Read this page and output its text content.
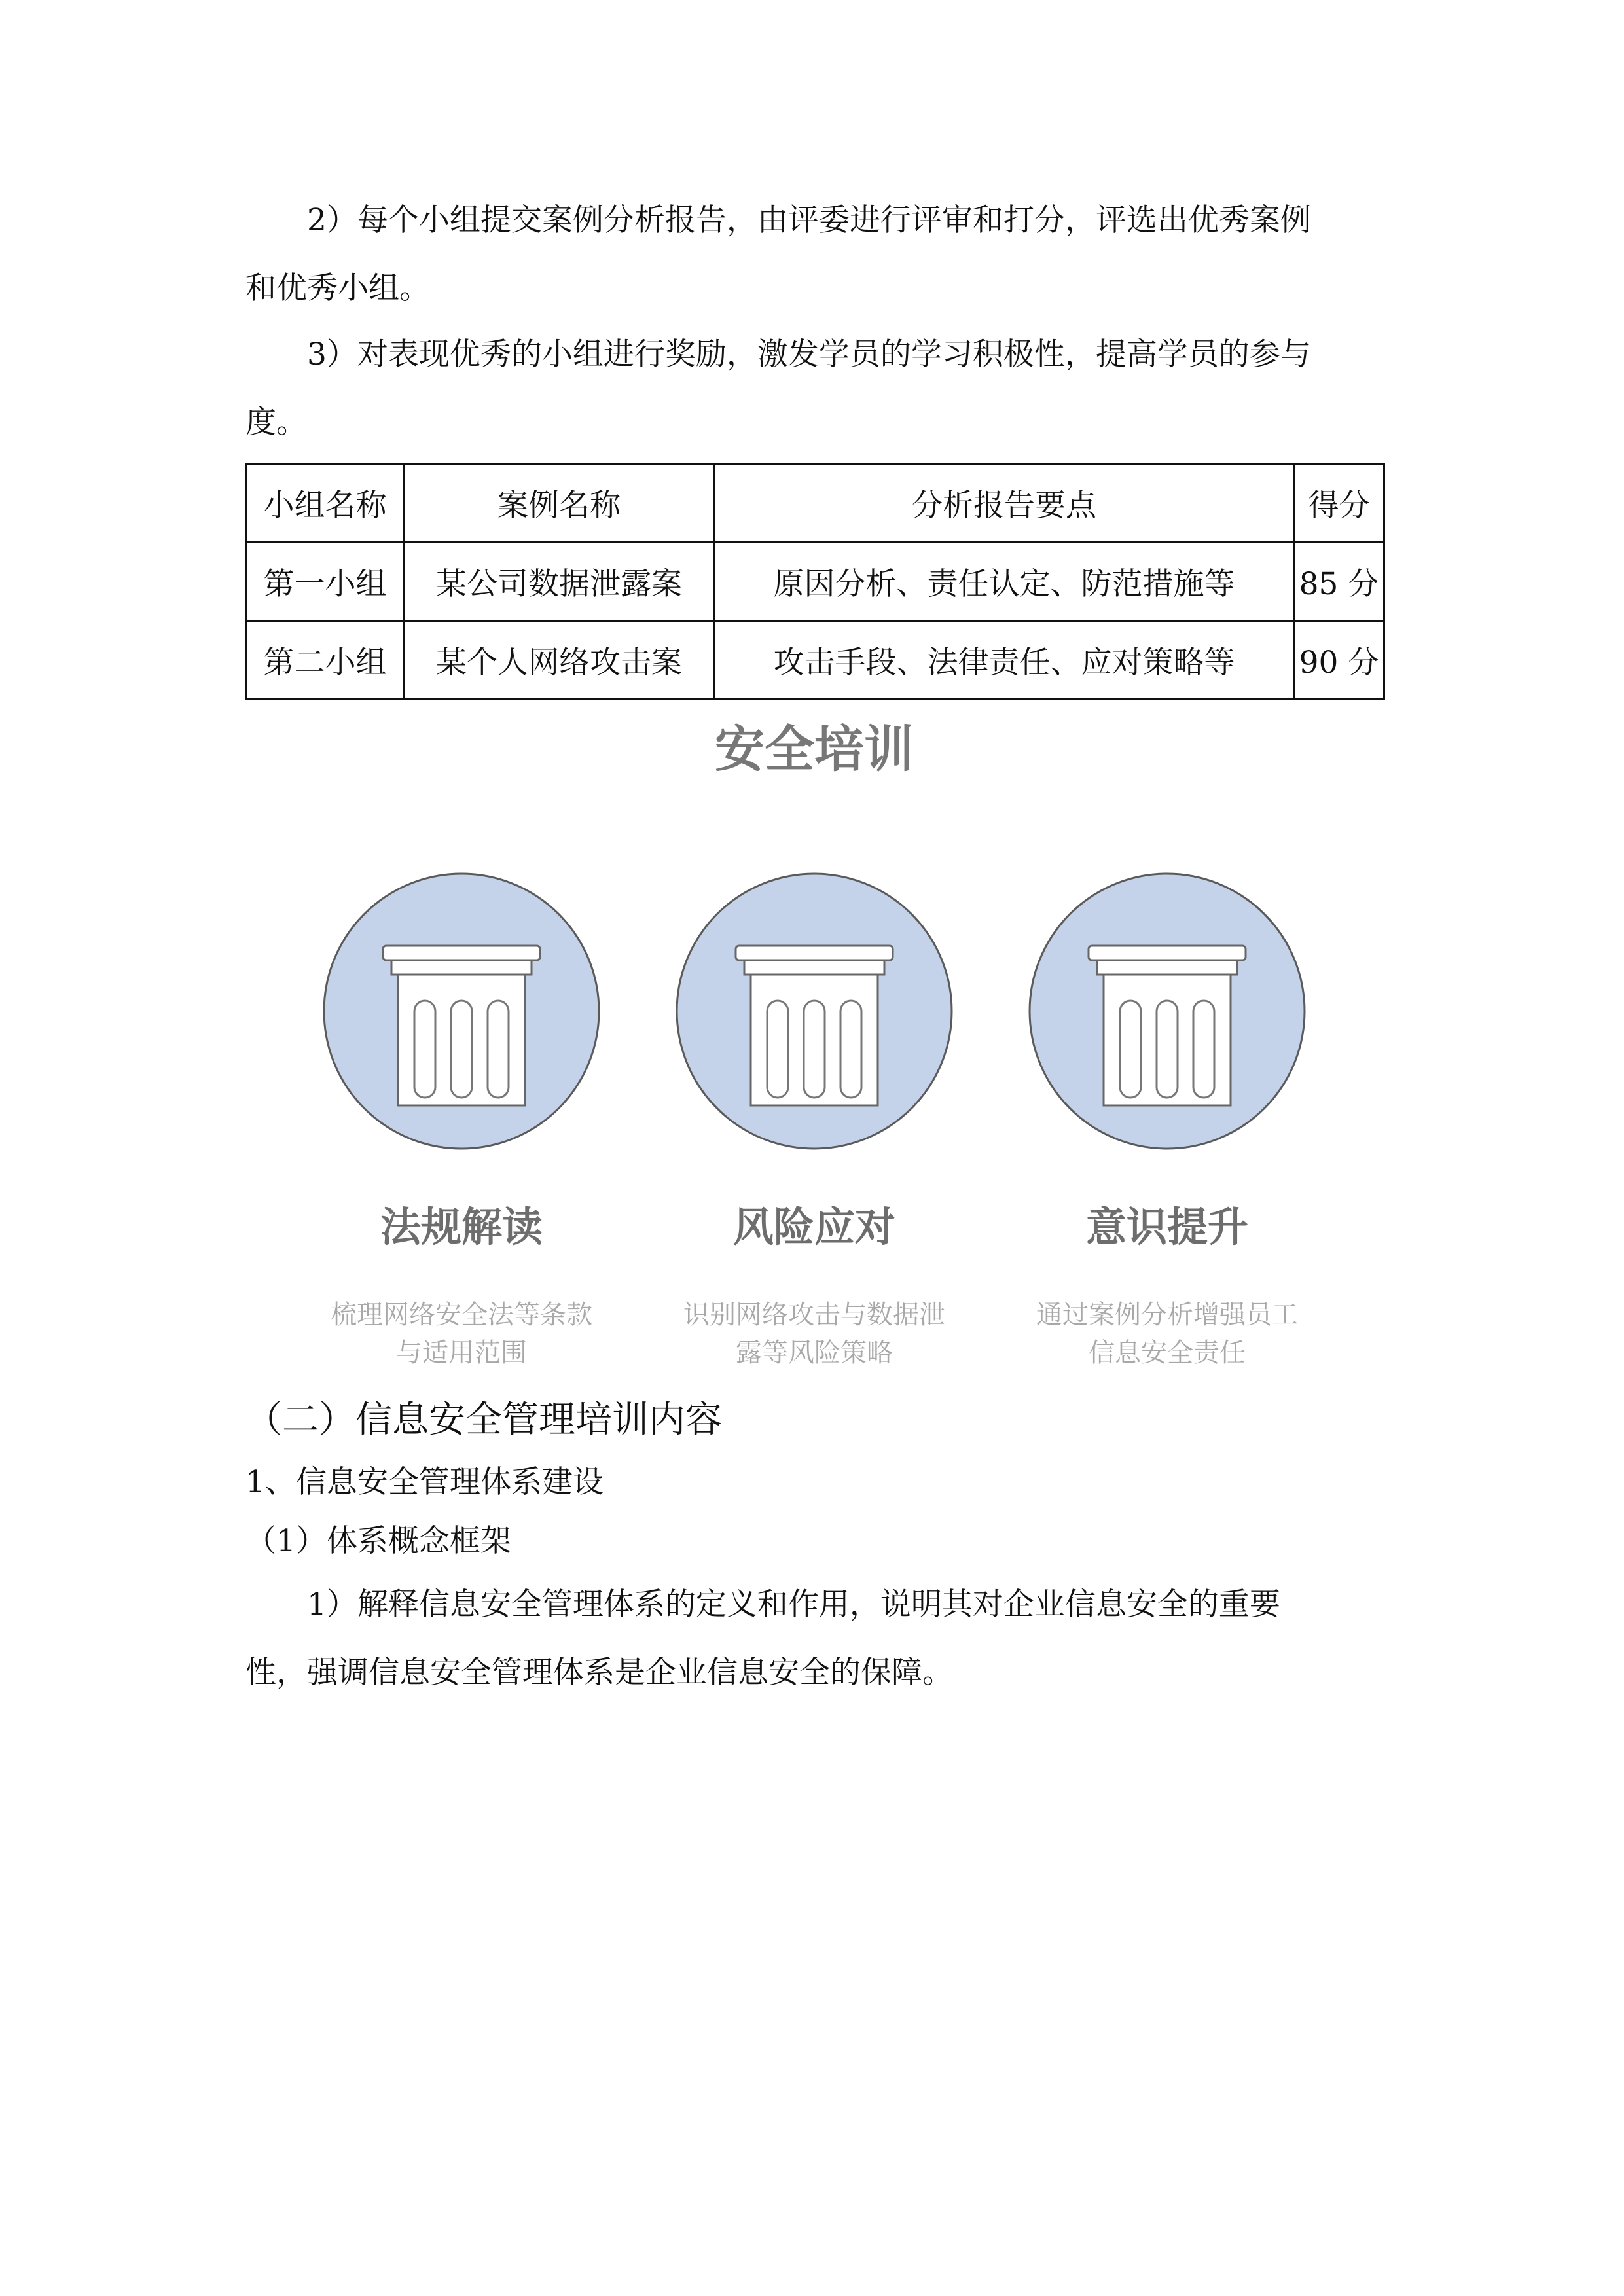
2）每个小组提交案例分析报告，由评委进行评审和打分，评选出优秀案例
和优秀小组。

3）对表现优秀的小组进行奖励，激发学员的学习积极性，提高学员的参与
度。

小组名称	案例名称	分析报告要点	得分
第一小组	某公司数据泄露案	原因分析、责任认定、防范措施等	85 分
第二小组	某个人网络攻击案	攻击手段、法律责任、应对策略等	90 分
安全培训
法规解读
梳理网络安全法等条款
与适用范围
风险应对
识别网络攻击与数据泄
露等风险策略
意识提升
通过案例分析增强员工
信息安全责任
（二）信息安全管理培训内容
1、信息安全管理体系建设
（1）体系概念框架

1）解释信息安全管理体系的定义和作用，说明其对企业信息安全的重要
性，强调信息安全管理体系是企业信息安全的保障。
